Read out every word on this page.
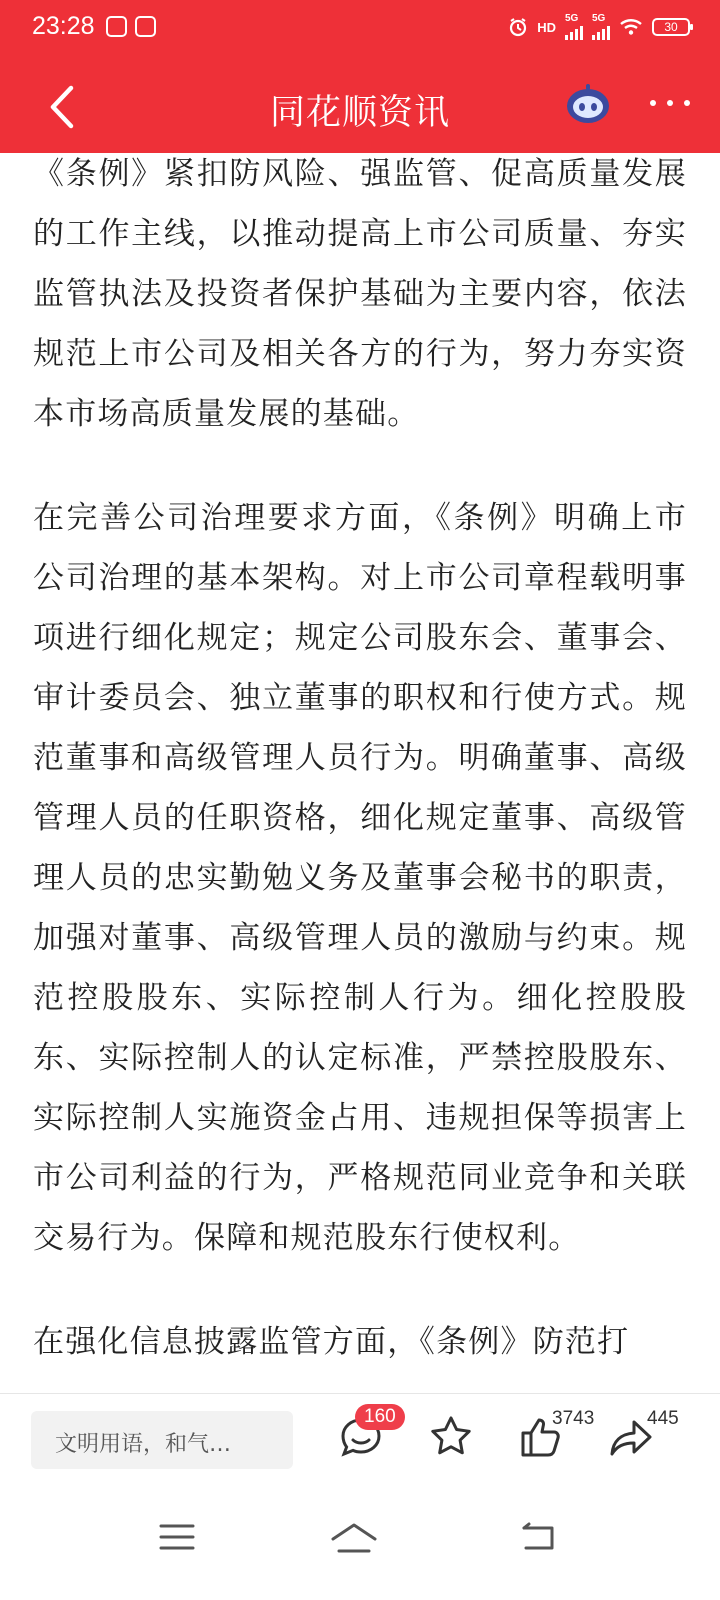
23:28	HD
5G 5G
30
同花顺资讯

《条例》紧扣防风险、强监管、促高质量发展的工作主线，以推动提高上市公司质量、夯实监管执法及投资者保护基础为主要内容，依法规范上市公司及相关各方的行为，努力夯实资本市场高质量发展的基础。

在完善公司治理要求方面，《条例》明确上市公司治理的基本架构。对上市公司章程载明事项进行细化规定；规定公司股东会、董事会、审计委员会、独立董事的职权和行使方式。规范董事和高级管理人员行为。明确董事、高级管理人员的任职资格，细化规定董事、高级管理人员的忠实勤勉义务及董事会秘书的职责，加强对董事、高级管理人员的激励与约束。规范控股股东、实际控制人行为。细化控股股东、实际控制人的认定标准，严禁控股股东、实际控制人实施资金占用、违规担保等损害上市公司利益的行为，严格规范同业竞争和关联交易行为。保障和规范股东行使权利。

在强化信息披露监管方面，《条例》防范打

文明用语，和气…
160	3743	445
